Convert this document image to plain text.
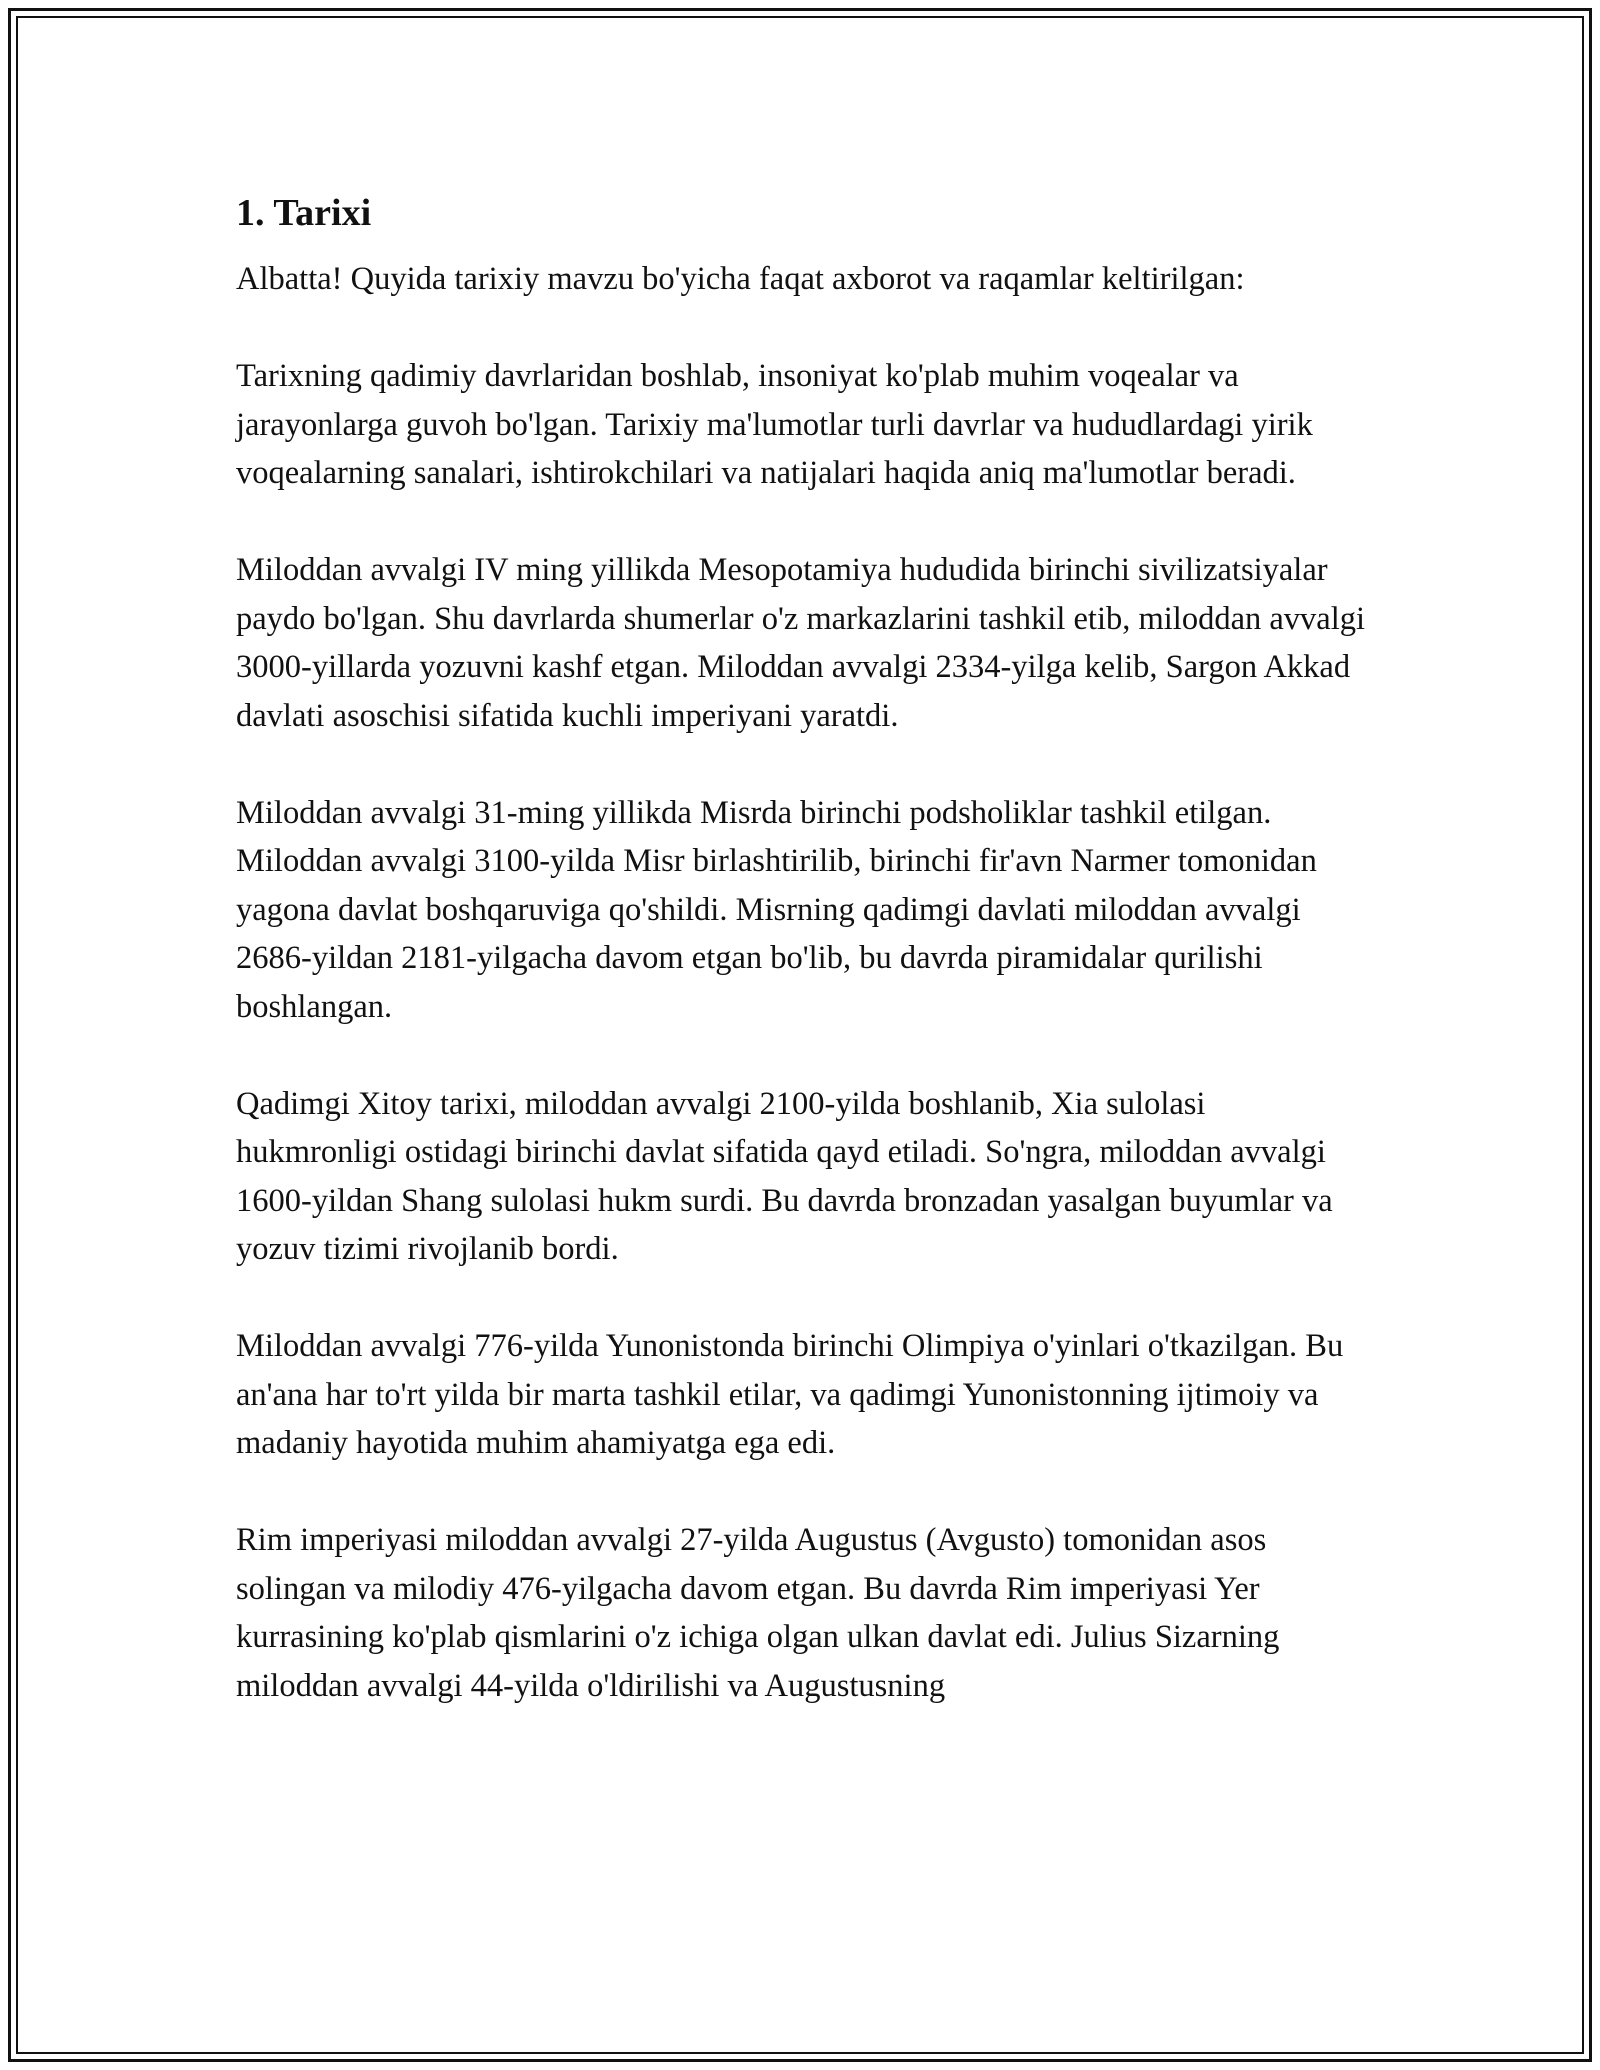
1. Tarixi

Albatta! Quyida tarixiy mavzu bo'yicha faqat axborot va raqamlar keltirilgan:

Tarixning qadimiy davrlaridan boshlab, insoniyat ko'plab muhim voqealar va jarayonlarga guvoh bo'lgan. Tarixiy ma'lumotlar turli davrlar va hududlardagi yirik voqealarning sanalari, ishtirokchilari va natijalari haqida aniq ma'lumotlar beradi.

Miloddan avvalgi IV ming yillikda Mesopotamiya hududida birinchi sivilizatsiyalar paydo bo'lgan. Shu davrlarda shumerlar o'z markazlarini tashkil etib, miloddan avvalgi 3000-yillarda yozuvni kashf etgan. Miloddan avvalgi 2334-yilga kelib, Sargon Akkad davlati asoschisi sifatida kuchli imperiyani yaratdi.

Miloddan avvalgi 31-ming yillikda Misrda birinchi podsholiklar tashkil etilgan. Miloddan avvalgi 3100-yilda Misr birlashtirilib, birinchi fir'avn Narmer tomonidan yagona davlat boshqaruviga qo'shildi. Misrning qadimgi davlati miloddan avvalgi 2686-yildan 2181-yilgacha davom etgan bo'lib, bu davrda piramidalar qurilishi boshlangan.

Qadimgi Xitoy tarixi, miloddan avvalgi 2100-yilda boshlanib, Xia sulolasi hukmronligi ostidagi birinchi davlat sifatida qayd etiladi. So'ngra, miloddan avvalgi 1600-yildan Shang sulolasi hukm surdi. Bu davrda bronzadan yasalgan buyumlar va yozuv tizimi rivojlanib bordi.

Miloddan avvalgi 776-yilda Yunonistonda birinchi Olimpiya o'yinlari o'tkazilgan. Bu an'ana har to'rt yilda bir marta tashkil etilar, va qadimgi Yunonistonning ijtimoiy va madaniy hayotida muhim ahamiyatga ega edi.

Rim imperiyasi miloddan avvalgi 27-yilda Augustus (Avgusto) tomonidan asos solingan va milodiy 476-yilgacha davom etgan. Bu davrda Rim imperiyasi Yer kurrasining ko'plab qismlarini o'z ichiga olgan ulkan davlat edi. Julius Sizarning miloddan avvalgi 44-yilda o'ldirilishi va Augustusning
